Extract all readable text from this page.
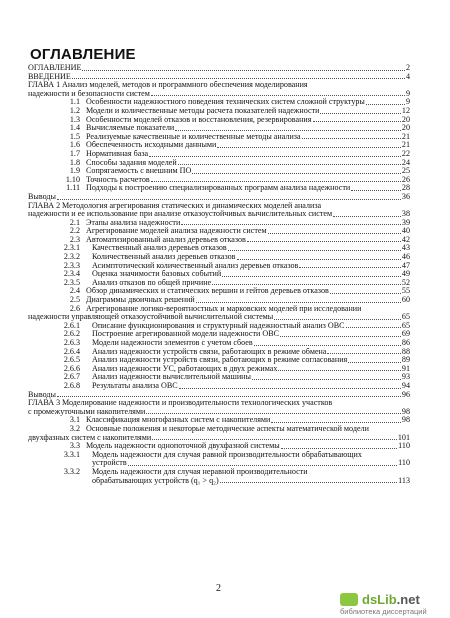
ОГЛАВЛЕНИЕ
ОГЛАВЛЕНИЕ	2
ВВЕДЕНИЕ	4
ГЛАВА 1 Анализ моделей, методов и программного обеспечения моделирования
надежности и безопасности систем	9
1.1 Особенности надежностного поведения технических систем сложной структуры	9
1.2 Модели и количественные методы расчета показателей надежности	12
1.3 Особенности моделей отказов и восстановления, резервирования	20
1.4 Вычисляемые показатели	20
1.5 Реализуемые качественные и количественные методы анализа	21
1.6 Обеспеченность исходными данными	21
1.7 Нормативная база	22
1.8 Способы задания моделей	24
1.9 Сопрягаемость с внешним ПО	25
1.10 Точность расчетов	26
1.11 Подходы к построению специализированных программ анализа надежности	28
Выводы	36
ГЛАВА 2 Методология агрегирования статических и динамических моделей анализа
надежности и ее использование при анализе отказоустойчивых вычислительных систем	38
2.1 Этапы анализа надежности	39
2.2 Агрегирование моделей анализа надежности систем	40
2.3 Автоматизированный анализ деревьев отказов	42
2.3.1	Качественный анализ деревьев отказов	43
2.3.2	Количественный анализ деревьев отказов	46
2.3.3	Асимптотический количественный анализ деревьев отказов	47
2.3.4	Оценка значимости базовых событий	49
2.3.5	Анализ отказов по общей причине	52
2.4 Обзор динамических и статических вершин и гейтов деревьев отказов	55
2.5 Диаграммы двоичных решений	60
2.6 Агрегирование логико-вероятностных и марковских моделей при исследовании
надежности управляющей отказоустойчивой вычислительной системы	65
2.6.1	Описание функционирования и структурный надежностный анализ ОВС	65
2.6.2	Построение агрегированной модели надежности ОВС	69
2.6.3	Модели надежности элементов с учетом сбоев	86
2.6.4	Анализ надежности устройств связи, работающих в режиме обмена	88
2.6.5	Анализ надежности устройств связи, работающих в режиме согласования	89
2.6.6	Анализ надежности УС, работающих в двух режимах	91
2.6.7	Анализ надежности вычислительной машины	93
2.6.8	Результаты анализа ОВС	94
Выводы	96
ГЛАВА 3 Моделирование надежности и производительности технологических участков
с промежуточными накопителями	98
3.1 Классификация многофазных систем с накопителями	98
3.2 Основные положения и некоторые методические аспекты математической модели
двухфазных систем с накопителями	101
3.3 Модель надежности однопоточной двухфазной системы	110
3.3.1	Модель надежности для случая равной производительности обрабатывающих
устройств	110
3.3.2	Модель надежности для случая неравной производительности
обрабатывающих устройств (q₁ > q₂)	113
2
dsLib.net
библиотека диссертаций
